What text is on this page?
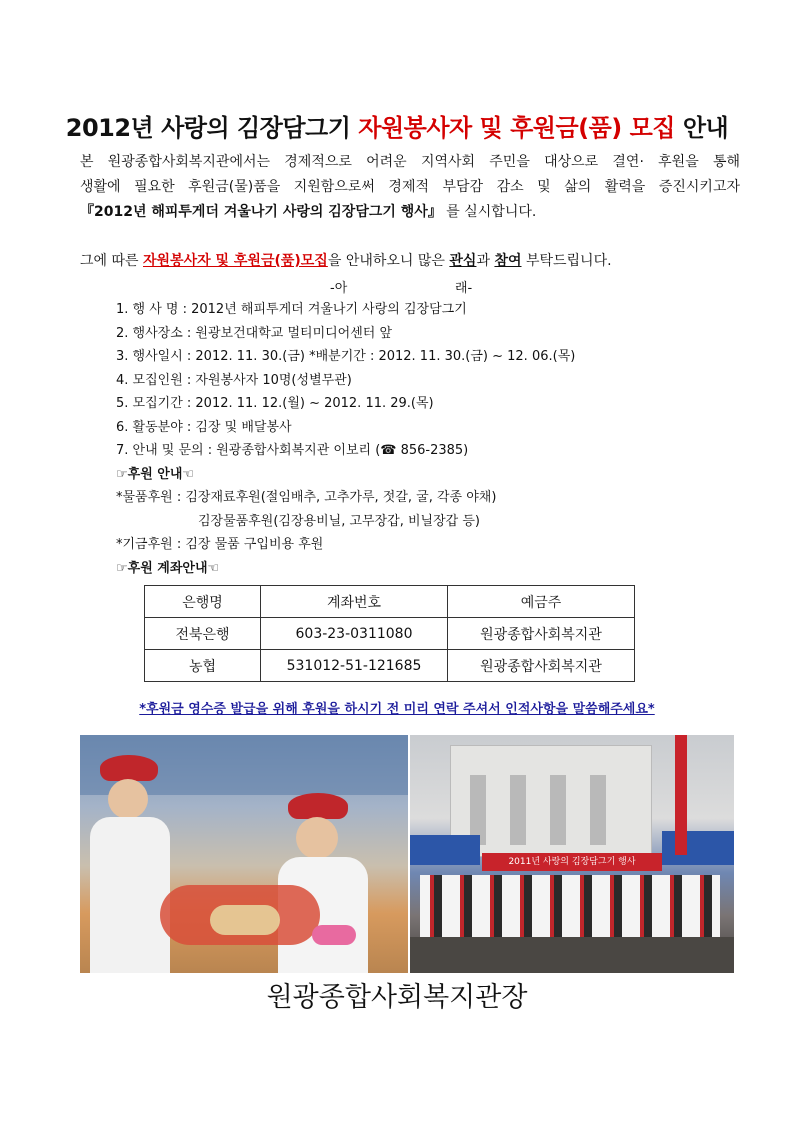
2012년 사랑의 김장담그기 자원봉사자 및 후원금(품) 모집 안내

본 원광종합사회복지관에서는 경제적으로 어려운 지역사회 주민을 대상으로 결연· 후원을 통해

생활에 필요한 후원금(물)품을 지원함으로써 경제적 부담감 감소 및 삶의 활력을 증진시키고자

『2012년 해피투게더 겨울나기 사랑의 김장담그기 행사』 를 실시합니다.

그에 따른 자원봉사자 및 후원금(품)모집을 안내하오니 많은 관심과 참여 부탁드립니다.
-아	래-
1. 행 사 명 : 2012년 해피투게더 겨울나기 사랑의 김장담그기
2. 행사장소 : 원광보건대학교 멀티미디어센터 앞
3. 행사일시 : 2012. 11. 30.(금) *배분기간 : 2012. 11. 30.(금) ~ 12. 06.(목)
4. 모집인원 : 자원봉사자 10명(성별무관)
5. 모집기간 : 2012. 11. 12.(월) ~ 2012. 11. 29.(목)
6. 활동분야 : 김장 및 배달봉사
7. 안내 및 문의 : 원광종합사회복지관 이보리 (☎ 856-2385)
☞후원 안내☜
*물품후원 : 김장재료후원(절임배추, 고추가루, 젓갈, 굴, 각종 야채)
김장물품후원(김장용비닐, 고무장갑, 비닐장갑 등)
*기금후원 : 김장 물품 구입비용 후원
☞후원 계좌안내☜
은행명	계좌번호	예금주
전북은행	603-23-0311080	원광종합사회복지관
농협	531012-51-121685	원광종합사회복지관
*후원금 영수증 발급을 위해 후원을 하시기 전 미리 연락 주셔서 인적사항을 말씀해주세요*
2011년 사랑의 김장담그기 행사
원광종합사회복지관장
